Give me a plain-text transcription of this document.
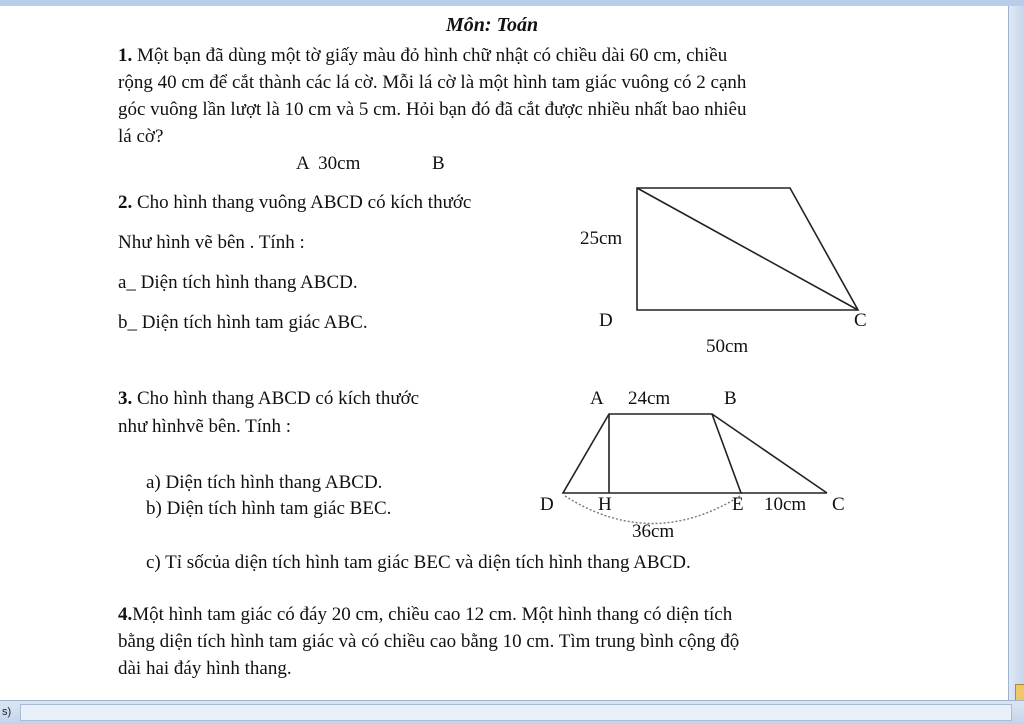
Môn: Toán
1. Một bạn đã dùng một tờ giấy màu đỏ hình chữ nhật có chiều dài 60 cm, chiều
rộng 40 cm để cắt thành các lá cờ. Mỗi lá cờ là một hình tam giác vuông có 2 cạnh
góc vuông lần lượt là 10 cm và 5 cm. Hỏi bạn đó đã cắt được nhiều nhất bao nhiêu
lá cờ?
A  30cm	B
2. Cho hình thang vuông ABCD có kích thước
Như hình vẽ bên . Tính :
a_ Diện tích hình thang ABCD.
b_ Diện tích hình tam giác ABC.
25cm
D	C
50cm
3. Cho hình thang ABCD có kích thước
như hìnhvẽ bên. Tính :
a) Diện tích hình thang ABCD.
b) Diện tích hình tam giác BEC.
c) Tỉ sốcủa diện tích hình tam giác BEC và diện tích hình thang ABCD.
A 24cm	B
D H	E 10cm C
36cm
4.Một hình tam giác có đáy 20 cm, chiều cao 12 cm. Một hình thang có diện tích
bằng diện tích hình tam giác và có chiều cao bằng 10 cm. Tìm trung bình cộng độ
dài hai đáy hình thang.
s)
